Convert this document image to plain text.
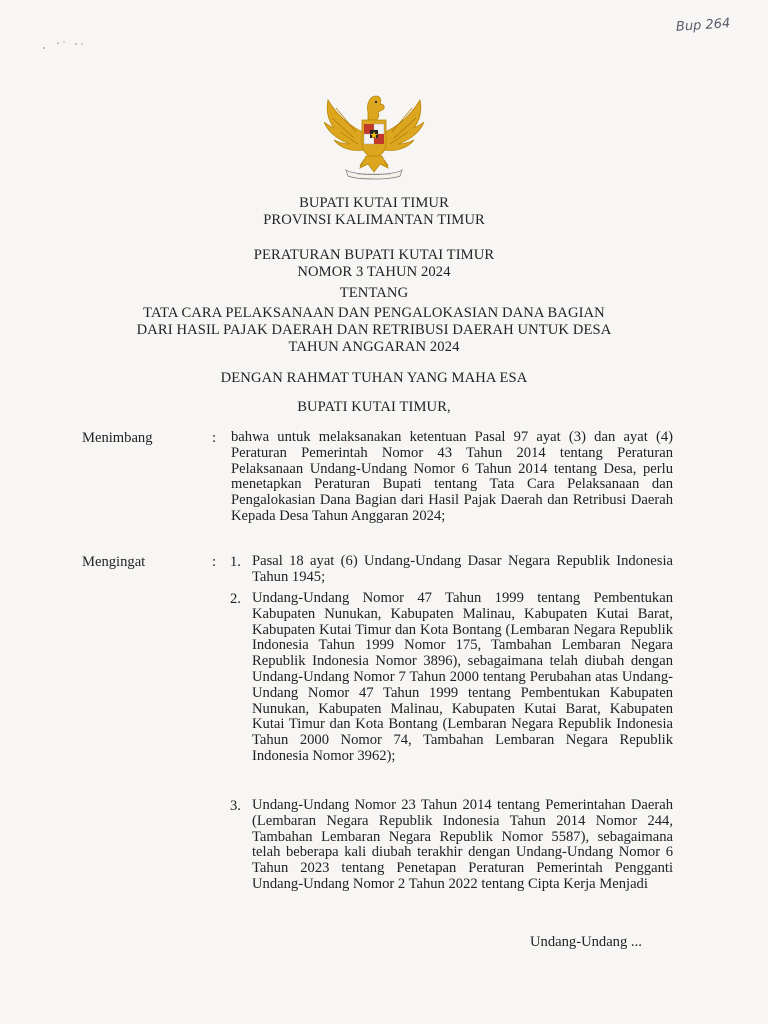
Bup 264
BUPATI KUTAI TIMUR
PROVINSI KALIMANTAN TIMUR
PERATURAN BUPATI KUTAI TIMUR
NOMOR 3 TAHUN 2024
TENTANG
TATA CARA PELAKSANAAN DAN PENGALOKASIAN DANA BAGIAN
DARI HASIL PAJAK DAERAH DAN RETRIBUSI DAERAH UNTUK DESA
TAHUN ANGGARAN 2024
DENGAN RAHMAT TUHAN YANG MAHA ESA
BUPATI KUTAI TIMUR,
Menimbang	: bahwa untuk melaksanakan ketentuan Pasal 97 ayat (3) dan ayat (4) Peraturan Pemerintah Nomor 43 Tahun 2014 tentang Peraturan Pelaksanaan Undang-Undang Nomor 6 Tahun 2014 tentang Desa, perlu menetapkan Peraturan Bupati tentang Tata Cara Pelaksanaan dan Pengalokasian Dana Bagian dari Hasil Pajak Daerah dan Retribusi Daerah Kepada Desa Tahun Anggaran 2024;
Mengingat	: 1. Pasal 18 ayat (6) Undang-Undang Dasar Negara Republik Indonesia Tahun 1945;
2. Undang-Undang Nomor 47 Tahun 1999 tentang Pembentukan Kabupaten Nunukan, Kabupaten Malinau, Kabupaten Kutai Barat, Kabupaten Kutai Timur dan Kota Bontang (Lembaran Negara Republik Indonesia Tahun 1999 Nomor 175, Tambahan Lembaran Negara Republik Indonesia Nomor 3896), sebagaimana telah diubah dengan Undang-Undang Nomor 7 Tahun 2000 tentang Perubahan atas Undang-Undang Nomor 47 Tahun 1999 tentang Pembentukan Kabupaten Nunukan, Kabupaten Malinau, Kabupaten Kutai Barat, Kabupaten Kutai Timur dan Kota Bontang (Lembaran Negara Republik Indonesia Tahun 2000 Nomor 74, Tambahan Lembaran Negara Republik Indonesia Nomor 3962);
3. Undang-Undang Nomor 23 Tahun 2014 tentang Pemerintahan Daerah (Lembaran Negara Republik Indonesia Tahun 2014 Nomor 244, Tambahan Lembaran Negara Republik Nomor 5587), sebagaimana telah beberapa kali diubah terakhir dengan Undang-Undang Nomor 6 Tahun 2023 tentang Penetapan Peraturan Pemerintah Pengganti Undang-Undang Nomor 2 Tahun 2022 tentang Cipta Kerja Menjadi
Undang-Undang ...
